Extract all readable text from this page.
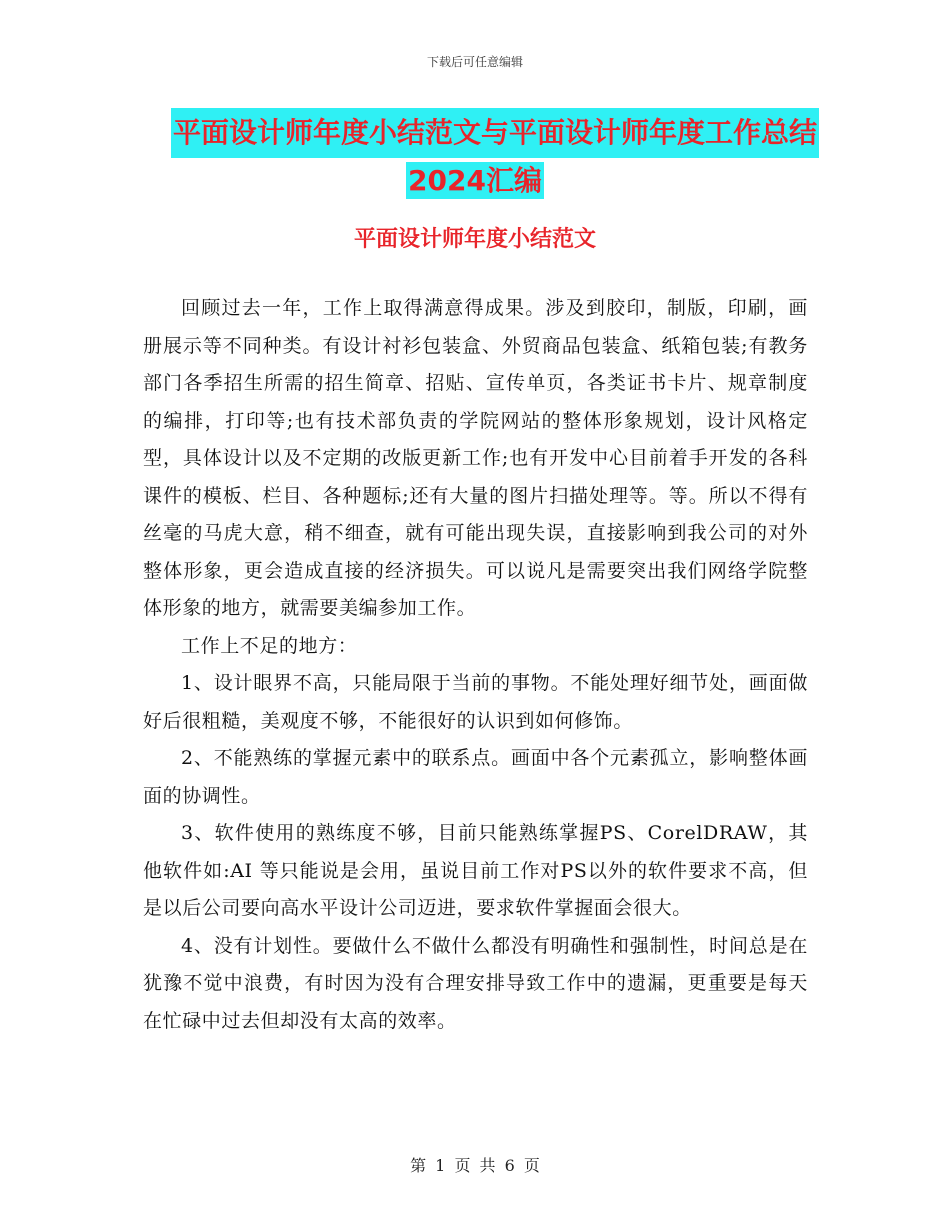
下载后可任意编辑
平面设计师年度小结范文与平面设计师年度工作总结
2024汇编
平面设计师年度小结范文

回顾过去一年，工作上取得满意得成果。涉及到胶印，制版，印刷，画册展示等不同种类。有设计衬衫包装盒、外贸商品包装盒、纸箱包装;有教务部门各季招生所需的招生简章、招贴、宣传单页，各类证书卡片、规章制度的编排，打印等;也有技术部负责的学院网站的整体形象规划，设计风格定型，具体设计以及不定期的改版更新工作;也有开发中心目前着手开发的各科课件的模板、栏目、各种题标;还有大量的图片扫描处理等。等。所以不得有丝毫的马虎大意，稍不细查，就有可能出现失误，直接影响到我公司的对外整体形象，更会造成直接的经济损失。可以说凡是需要突出我们网络学院整体形象的地方，就需要美编参加工作。

工作上不足的地方：

1、设计眼界不高，只能局限于当前的事物。不能处理好细节处，画面做好后很粗糙，美观度不够，不能很好的认识到如何修饰。

2、不能熟练的掌握元素中的联系点。画面中各个元素孤立，影响整体画面的协调性。

3、软件使用的熟练度不够，目前只能熟练掌握PS、CorelDRAW，其他软件如:AI 等只能说是会用，虽说目前工作对PS以外的软件要求不高，但是以后公司要向高水平设计公司迈进，要求软件掌握面会很大。

4、没有计划性。要做什么不做什么都没有明确性和强制性，时间总是在犹豫不觉中浪费，有时因为没有合理安排导致工作中的遗漏，更重要是每天在忙碌中过去但却没有太高的效率。

第 1 页 共 6 页
